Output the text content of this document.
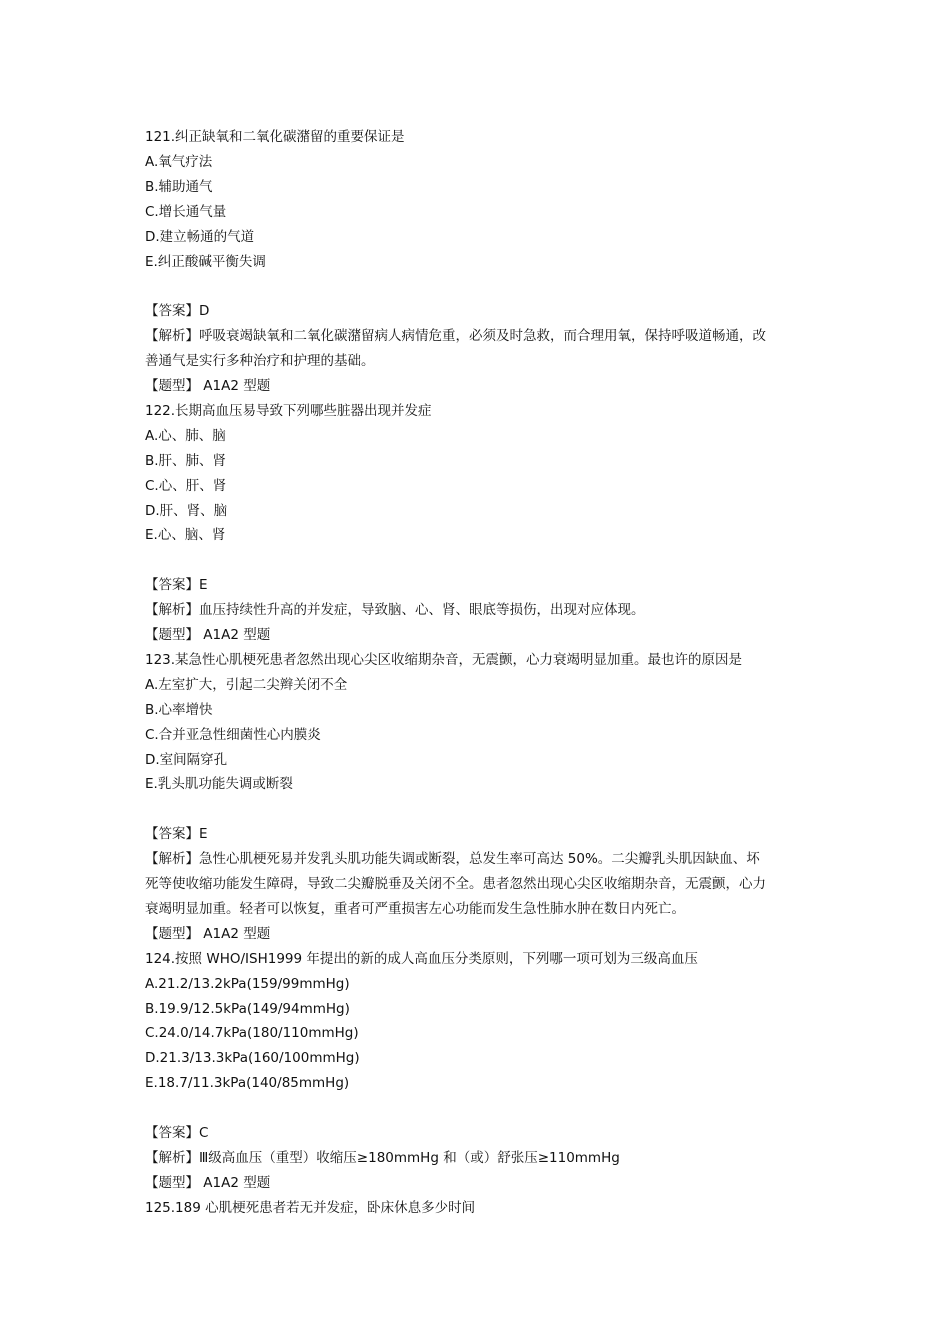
121.纠正缺氧和二氧化碳潴留的重要保证是
A.氧气疗法
B.辅助通气
C.增长通气量
D.建立畅通的气道
E.纠正酸碱平衡失调
【答案】D
【解析】呼吸衰竭缺氧和二氧化碳潴留病人病情危重，必须及时急救，而合理用氧，保持呼吸道畅通，改
善通气是实行多种治疗和护理的基础。
【题型】 A1A2 型题
122.长期高血压易导致下列哪些脏器出现并发症
A.心、肺、脑
B.肝、肺、肾
C.心、肝、肾
D.肝、肾、脑
E.心、脑、肾
【答案】E
【解析】血压持续性升高的并发症，导致脑、心、肾、眼底等损伤，出现对应体现。
【题型】 A1A2 型题
123.某急性心肌梗死患者忽然出现心尖区收缩期杂音，无震颤，心力衰竭明显加重。最也许的原因是
A.左室扩大，引起二尖辫关闭不全
B.心率增快
C.合并亚急性细菌性心内膜炎
D.室间隔穿孔
E.乳头肌功能失调或断裂
【答案】E
【解析】急性心肌梗死易并发乳头肌功能失调或断裂，总发生率可高达 50%。二尖瓣乳头肌因缺血、坏
死等使收缩功能发生障碍，导致二尖瓣脱垂及关闭不全。患者忽然出现心尖区收缩期杂音，无震颤，心力
衰竭明显加重。轻者可以恢复，重者可严重损害左心功能而发生急性肺水肿在数日内死亡。
【题型】 A1A2 型题
124.按照 WHO/ISH1999 年提出的新的成人高血压分类原则，下列哪一项可划为三级高血压
A.21.2/13.2kPa(159/99mmHg)
B.19.9/12.5kPa(149/94mmHg)
C.24.0/14.7kPa(180/110mmHg)
D.21.3/13.3kPa(160/100mmHg)
E.18.7/11.3kPa(140/85mmHg)
【答案】C
【解析】Ⅲ级高血压（重型）收缩压≥180mmHg 和（或）舒张压≥110mmHg
【题型】 A1A2 型题
125.189 心肌梗死患者若无并发症，卧床休息多少时间
